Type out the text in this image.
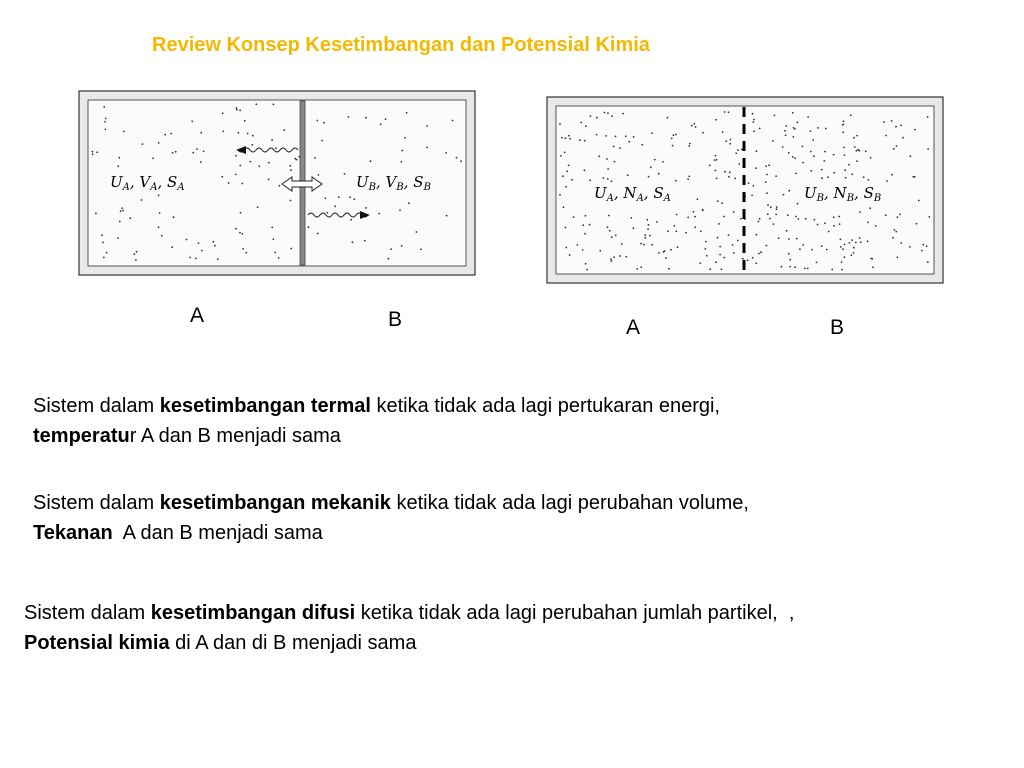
Review Konsep Kesetimbangan dan Potensial Kimia
$U_A$, $V_A$, $S_A$	$U_B$, $V_B$, $S_B$	$U_A$, $N_A$, $S_A$	$U_B$, $N_B$, $S_B$
A	B	A	B
Sistem dalam kesetimbangan termal ketika tidak ada lagi pertukaran energi,
temperatur A dan B menjadi sama
Sistem dalam kesetimbangan mekanik ketika tidak ada lagi perubahan volume,
Tekanan  A dan B menjadi sama
Sistem dalam kesetimbangan difusi ketika tidak ada lagi perubahan jumlah partikel,  ,
Potensial kimia di A dan di B menjadi sama
